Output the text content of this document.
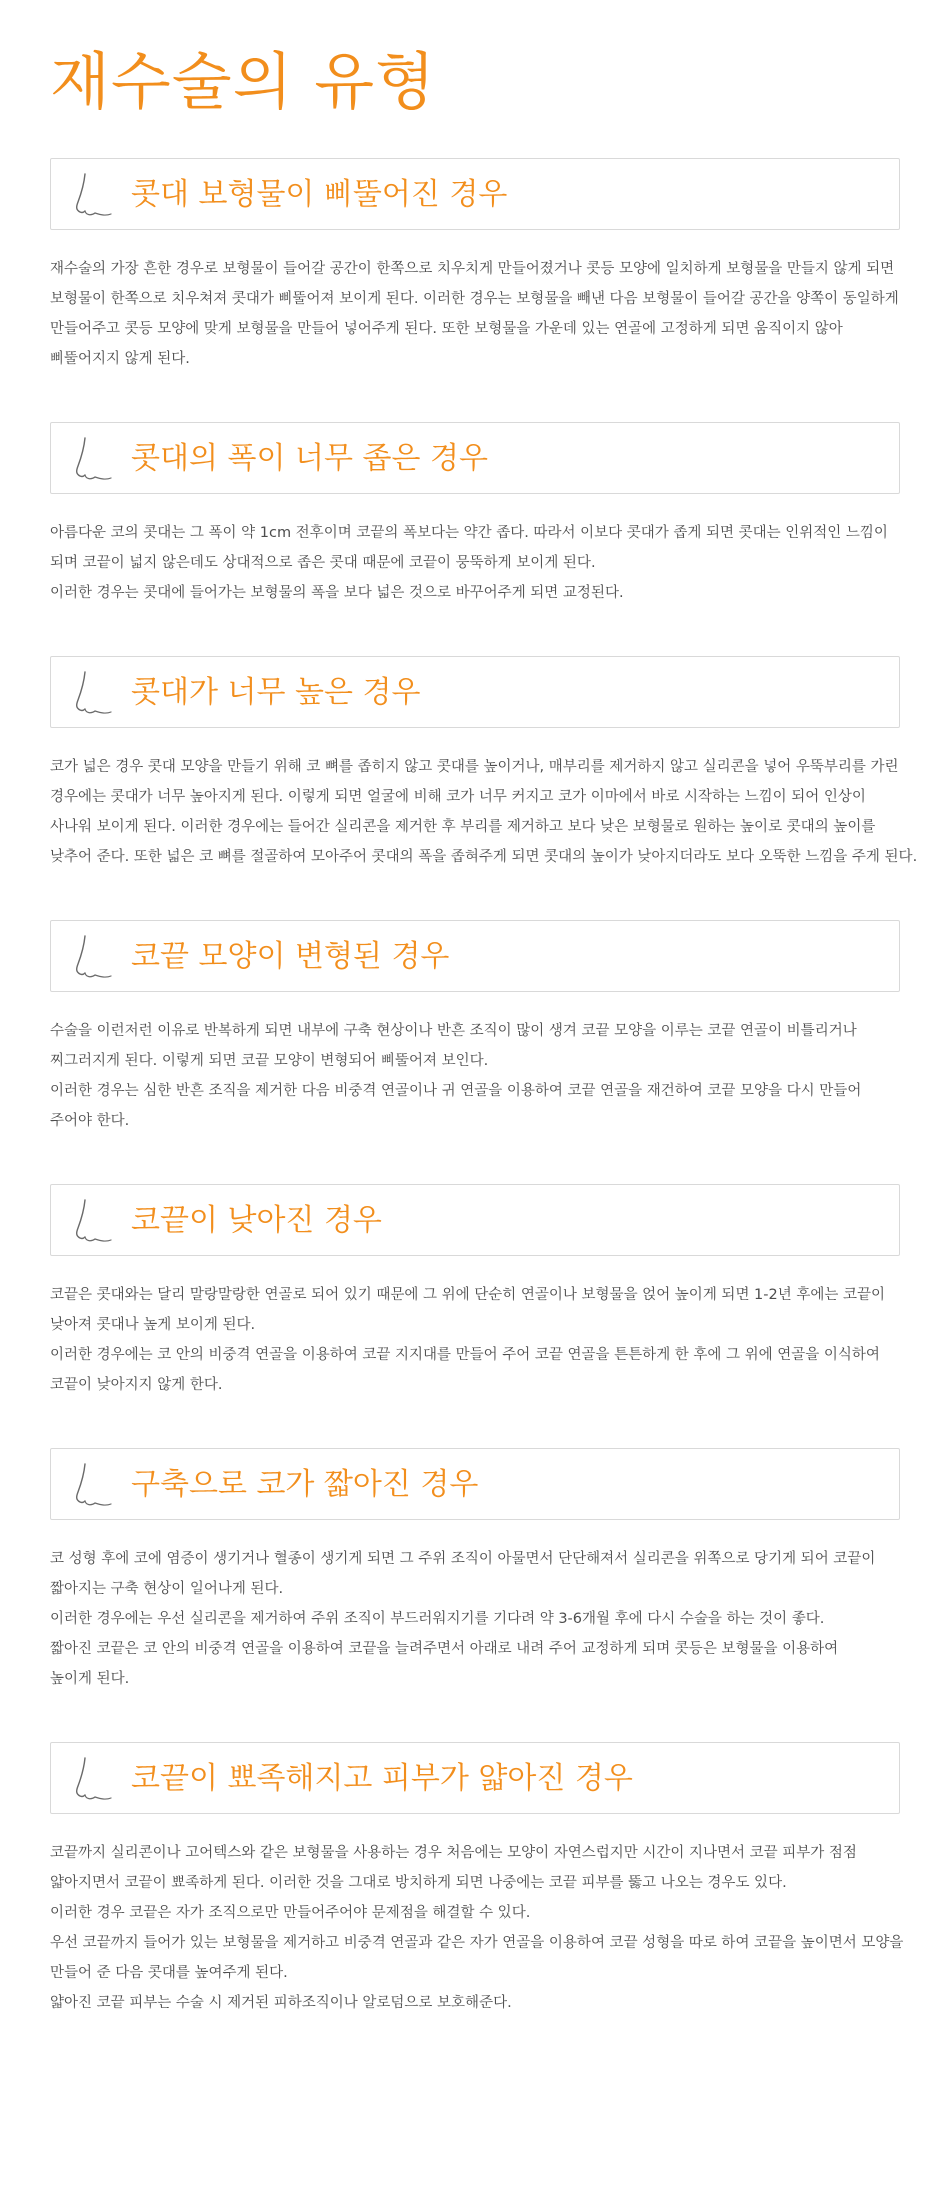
재수술의 유형
콧대 보형물이 삐뚤어진 경우

재수술의 가장 흔한 경우로 보형물이 들어갈 공간이 한쪽으로 치우치게 만들어졌거나 콧등 모양에 일치하게 보형물을 만들지 않게 되면

보형물이 한쪽으로 치우쳐져 콧대가 삐뚤어져 보이게 된다. 이러한 경우는 보형물을 빼낸 다음 보형물이 들어갈 공간을 양쪽이 동일하게

만들어주고 콧등 모양에 맞게 보형물을 만들어 넣어주게 된다. 또한 보형물을 가운데 있는 연골에 고정하게 되면 움직이지 않아

삐뚤어지지 않게 된다.

콧대의 폭이 너무 좁은 경우

아름다운 코의 콧대는 그 폭이 약 1cm 전후이며 코끝의 폭보다는 약간 좁다. 따라서 이보다 콧대가 좁게 되면 콧대는 인위적인 느낌이

되며 코끝이 넓지 않은데도 상대적으로 좁은 콧대 때문에 코끝이 뭉뚝하게 보이게 된다.

이러한 경우는 콧대에 들어가는 보형물의 폭을 보다 넓은 것으로 바꾸어주게 되면 교정된다.

콧대가 너무 높은 경우

코가 넓은 경우 콧대 모양을 만들기 위해 코 뼈를 좁히지 않고 콧대를 높이거나, 매부리를 제거하지 않고 실리콘을 넣어 우뚝부리를 가린

경우에는 콧대가 너무 높아지게 된다. 이렇게 되면 얼굴에 비해 코가 너무 커지고 코가 이마에서 바로 시작하는 느낌이 되어 인상이

사나워 보이게 된다. 이러한 경우에는 들어간 실리콘을 제거한 후 부리를 제거하고 보다 낮은 보형물로 원하는 높이로 콧대의 높이를

낮추어 준다. 또한 넓은 코 뼈를 절골하여 모아주어 콧대의 폭을 좁혀주게 되면 콧대의 높이가 낮아지더라도 보다 오뚝한 느낌을 주게 된다.

코끝 모양이 변형된 경우

수술을 이런저런 이유로 반복하게 되면 내부에 구축 현상이나 반흔 조직이 많이 생겨 코끝 모양을 이루는 코끝 연골이 비틀리거나

찌그러지게 된다. 이렇게 되면 코끝 모양이 변형되어 삐뚤어져 보인다.

이러한 경우는 심한 반흔 조직을 제거한 다음 비중격 연골이나 귀 연골을 이용하여 코끝 연골을 재건하여 코끝 모양을 다시 만들어

주어야 한다.

코끝이 낮아진 경우

코끝은 콧대와는 달리 말랑말랑한 연골로 되어 있기 때문에 그 위에 단순히 연골이나 보형물을 얹어 높이게 되면 1-2년 후에는 코끝이

낮아져 콧대나 높게 보이게 된다.

이러한 경우에는 코 안의 비중격 연골을 이용하여 코끝 지지대를 만들어 주어 코끝 연골을 튼튼하게 한 후에 그 위에 연골을 이식하여

코끝이 낮아지지 않게 한다.

구축으로 코가 짧아진 경우

코 성형 후에 코에 염증이 생기거나 혈종이 생기게 되면 그 주위 조직이 아물면서 단단해져서 실리콘을 위쪽으로 당기게 되어 코끝이

짧아지는 구축 현상이 일어나게 된다.

이러한 경우에는 우선 실리콘을 제거하여 주위 조직이 부드러워지기를 기다려 약 3-6개월 후에 다시 수술을 하는 것이 좋다.

짧아진 코끝은 코 안의 비중격 연골을 이용하여 코끝을 늘려주면서 아래로 내려 주어 교정하게 되며 콧등은 보형물을 이용하여

높이게 된다.

코끝이 뾰족해지고 피부가 얇아진 경우

코끝까지 실리콘이나 고어텍스와 같은 보형물을 사용하는 경우 처음에는 모양이 자연스럽지만 시간이 지나면서 코끝 피부가 점점

얇아지면서 코끝이 뾰족하게 된다. 이러한 것을 그대로 방치하게 되면 나중에는 코끝 피부를 뚫고 나오는 경우도 있다.

이러한 경우 코끝은 자가 조직으로만 만들어주어야 문제점을 해결할 수 있다.

우선 코끝까지 들어가 있는 보형물을 제거하고 비중격 연골과 같은 자가 연골을 이용하여 코끝 성형을 따로 하여 코끝을 높이면서 모양을

만들어 준 다음 콧대를 높여주게 된다.

얇아진 코끝 피부는 수술 시 제거된 피하조직이나 알로덤으로 보호해준다.
